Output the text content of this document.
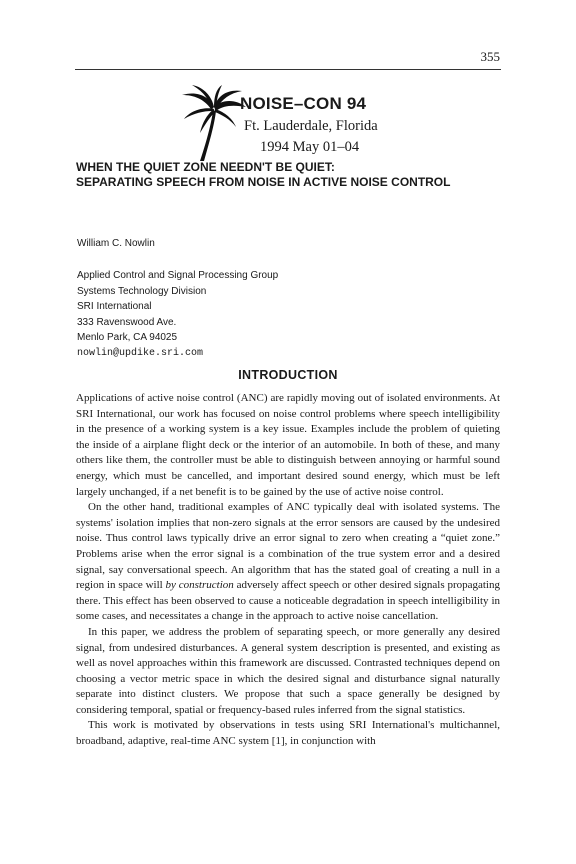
355
NOISE–CON 94
Ft. Lauderdale, Florida
1994 May 01–04
WHEN THE QUIET ZONE NEEDN'T BE QUIET:
SEPARATING SPEECH FROM NOISE IN ACTIVE NOISE CONTROL
William C. Nowlin
Applied Control and Signal Processing Group
Systems Technology Division
SRI International
333 Ravenswood Ave.
Menlo Park, CA 94025
nowlin@updike.sri.com
INTRODUCTION

Applications of active noise control (ANC) are rapidly moving out of isolated environments. At SRI International, our work has focused on noise control problems where speech intelligibility in the presence of a working system is a key issue. Examples include the problem of quieting the inside of a airplane flight deck or the interior of an automobile. In both of these, and many others like them, the controller must be able to distinguish between annoying or harmful sound energy, which must be cancelled, and important desired sound energy, which must be left largely unchanged, if a net benefit is to be gained by the use of active noise control.

On the other hand, traditional examples of ANC typically deal with isolated systems. The systems' isolation implies that non-zero signals at the error sensors are caused by the undesired noise. Thus control laws typically drive an error signal to zero when creating a “quiet zone.” Problems arise when the error signal is a combination of the true system error and a desired signal, say conversational speech. An algorithm that has the stated goal of creating a null in a region in space will by construction adversely affect speech or other desired signals propagating there. This effect has been observed to cause a noticeable degradation in speech intelligibility in some cases, and necessitates a change in the approach to active noise cancellation.

In this paper, we address the problem of separating speech, or more generally any desired signal, from undesired disturbances. A general system description is presented, and existing as well as novel approaches within this framework are discussed. Contrasted techniques depend on choosing a vector metric space in which the desired signal and disturbance signal naturally separate into distinct clusters. We propose that such a space generally be designed by considering temporal, spatial or frequency-based rules inferred from the signal statistics.

This work is motivated by observations in tests using SRI International's multichannel, broadband, adaptive, real-time ANC system [1], in conjunction with
